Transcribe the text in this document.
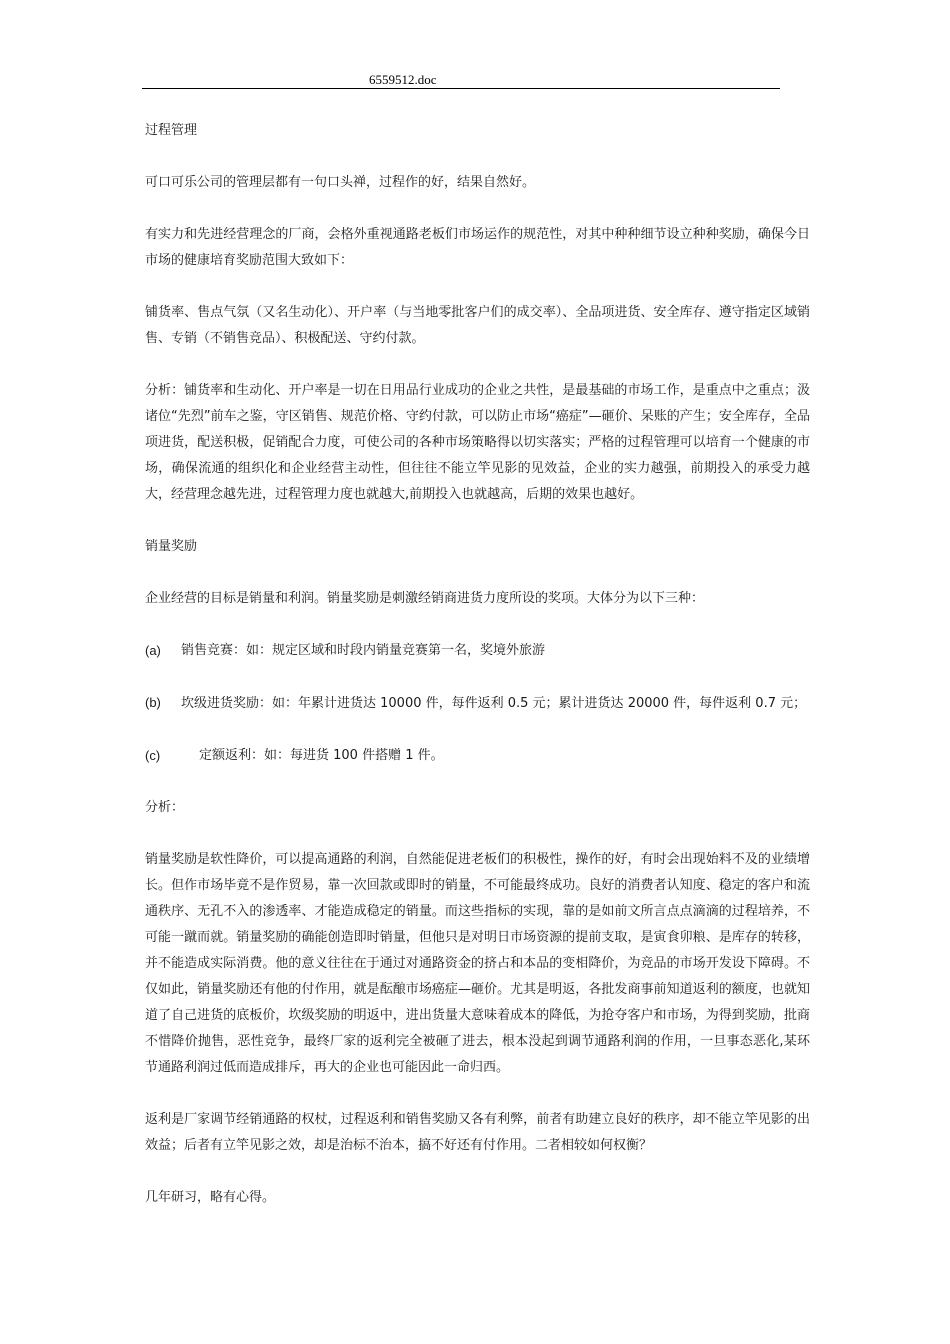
6559512.doc

过程管理

可口可乐公司的管理层都有一句口头禅，过程作的好，结果自然好。

有实力和先进经营理念的厂商，会格外重视通路老板们市场运作的规范性，对其中种种细节设立种种奖励，确保今日市场的健康培育奖励范围大致如下：

铺货率、售点气氛（又名生动化）、开户率（与当地零批客户们的成交率）、全品项进货、安全库存、遵守指定区域销售、专销（不销售竞品）、积极配送、守约付款。

分析：铺货率和生动化、开户率是一切在日用品行业成功的企业之共性，是最基础的市场工作，是重点中之重点；汲诸位“先烈”前车之鉴，守区销售、规范价格、守约付款，可以防止市场“癌症”—砸价、呆账的产生；安全库存，全品项进货，配送积极，促销配合力度，可使公司的各种市场策略得以切实落实；严格的过程管理可以培育一个健康的市场，确保流通的组织化和企业经营主动性，但往往不能立竿见影的见效益，企业的实力越强，前期投入的承受力越大，经营理念越先进，过程管理力度也就越大,前期投入也就越高，后期的效果也越好。

销量奖励

企业经营的目标是销量和利润。销量奖励是刺激经销商进货力度所设的奖项。大体分为以下三种：

(a)	销售竞赛：如：规定区域和时段内销量竞赛第一名，奖境外旅游

(b) 坎级进货奖励：如：年累计进货达 10000 件，每件返利 0.5 元；累计进货达 20000 件，每件返利 0.7 元；

(c)	定额返利：如：每进货 100 件搭赠 1 件。

分析：

销量奖励是软性降价，可以提高通路的利润，自然能促进老板们的积极性，操作的好，有时会出现始料不及的业绩增长。但作市场毕竟不是作贸易，靠一次回款或即时的销量，不可能最终成功。良好的消费者认知度、稳定的客户和流通秩序、无孔不入的渗透率、才能造成稳定的销量。而这些指标的实现，靠的是如前文所言点点滴滴的过程培养，不可能一蹴而就。销量奖励的确能创造即时销量，但他只是对明日市场资源的提前支取，是寅食卯粮、是库存的转移，并不能造成实际消费。他的意义往往在于通过对通路资金的挤占和本品的变相降价，为竞品的市场开发设下障碍。不仅如此，销量奖励还有他的付作用，就是酝酿市场癌症—砸价。尤其是明返，各批发商事前知道返利的额度，也就知道了自己进货的底板价，坎级奖励的明返中，进出货量大意味着成本的降低，为抢夺客户和市场，为得到奖励，批商不惜降价抛售，恶性竞争，最终厂家的返利完全被砸了进去，根本没起到调节通路利润的作用，一旦事态恶化,某环节通路利润过低而造成排斥，再大的企业也可能因此一命归西。

返利是厂家调节经销通路的权杖，过程返利和销售奖励又各有利弊，前者有助建立良好的秩序，却不能立竿见影的出效益；后者有立竿见影之效，却是治标不治本，搞不好还有付作用。二者相较如何权衡？

几年研习，略有心得。
